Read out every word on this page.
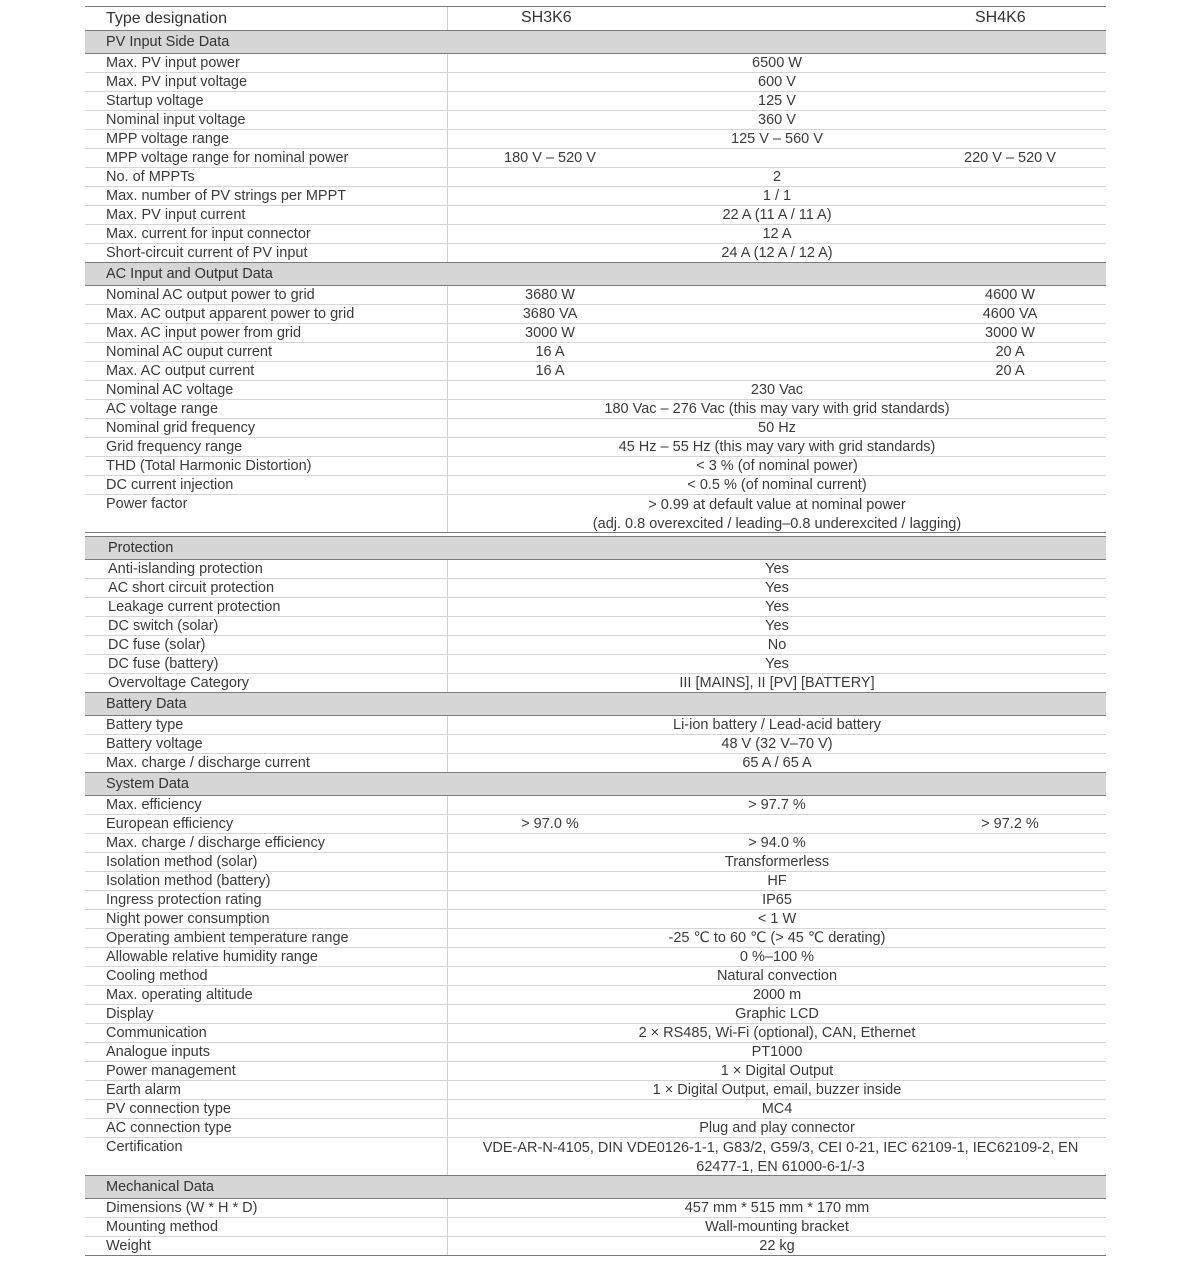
Type designation	SH3K6	SH4K6
PV Input Side Data
Max. PV input power	6500 W
Max. PV input voltage	600 V
Startup voltage	125 V
Nominal input voltage	360 V
MPP voltage range	125 V – 560 V
MPP voltage range for nominal power	180 V – 520 V	220 V – 520 V
No. of MPPTs	2
Max. number of PV strings per MPPT	1 / 1
Max. PV input current	22 A (11 A / 11 A)
Max. current for input connector	12 A
Short-circuit current of PV input	24 A (12 A / 12 A)
AC Input and Output Data
Nominal AC output power to grid	3680 W	4600 W
Max. AC output apparent power to grid	3680 VA	4600 VA
Max. AC input power from grid	3000 W	3000 W
Nominal AC ouput current	16 A	20 A
Max. AC output current	16 A	20 A
Nominal AC voltage	230 Vac
AC voltage range	180 Vac – 276 Vac (this may vary with grid standards)
Nominal grid frequency	50 Hz
Grid frequency range	45 Hz – 55 Hz (this may vary with grid standards)
THD (Total Harmonic Distortion)	< 3 % (of nominal power)
DC current injection	< 0.5 % (of nominal current)
Power factor	> 0.99 at default value at nominal power
(adj. 0.8 overexcited / leading–0.8 underexcited / lagging)
Protection
Anti-islanding protection	Yes
AC short circuit protection	Yes
Leakage current protection	Yes
DC switch (solar)	Yes
DC fuse (solar)	No
DC fuse (battery)	Yes
Overvoltage Category	III [MAINS], II [PV] [BATTERY]
Battery Data
Battery type	Li-ion battery / Lead-acid battery
Battery voltage	48 V (32 V–70 V)
Max. charge / discharge current	65 A / 65 A
System Data
Max. efficiency	> 97.7 %
European efficiency	> 97.0 %	> 97.2 %
Max. charge / discharge efficiency	> 94.0 %
Isolation method (solar)	Transformerless
Isolation method (battery)	HF
Ingress protection rating	IP65
Night power consumption	< 1 W
Operating ambient temperature range	-25 ℃ to 60 ℃ (> 45 ℃ derating)
Allowable relative humidity range	0 %–100 %
Cooling method	Natural convection
Max. operating altitude	2000 m
Display	Graphic LCD
Communication	2 × RS485, Wi-Fi (optional), CAN, Ethernet
Analogue inputs	PT1000
Power management	1 × Digital Output
Earth alarm	1 × Digital Output, email, buzzer inside
PV connection type	MC4
AC connection type	Plug and play connector
Certification	VDE-AR-N-4105, DIN VDE0126-1-1, G83/2, G59/3, CEI 0-21, IEC 62109-1, IEC62109-2, EN 62477-1, EN 61000-6-1/-3
Mechanical Data
Dimensions (W * H * D)	457 mm * 515 mm * 170 mm
Mounting method	Wall-mounting bracket
Weight	22 kg
